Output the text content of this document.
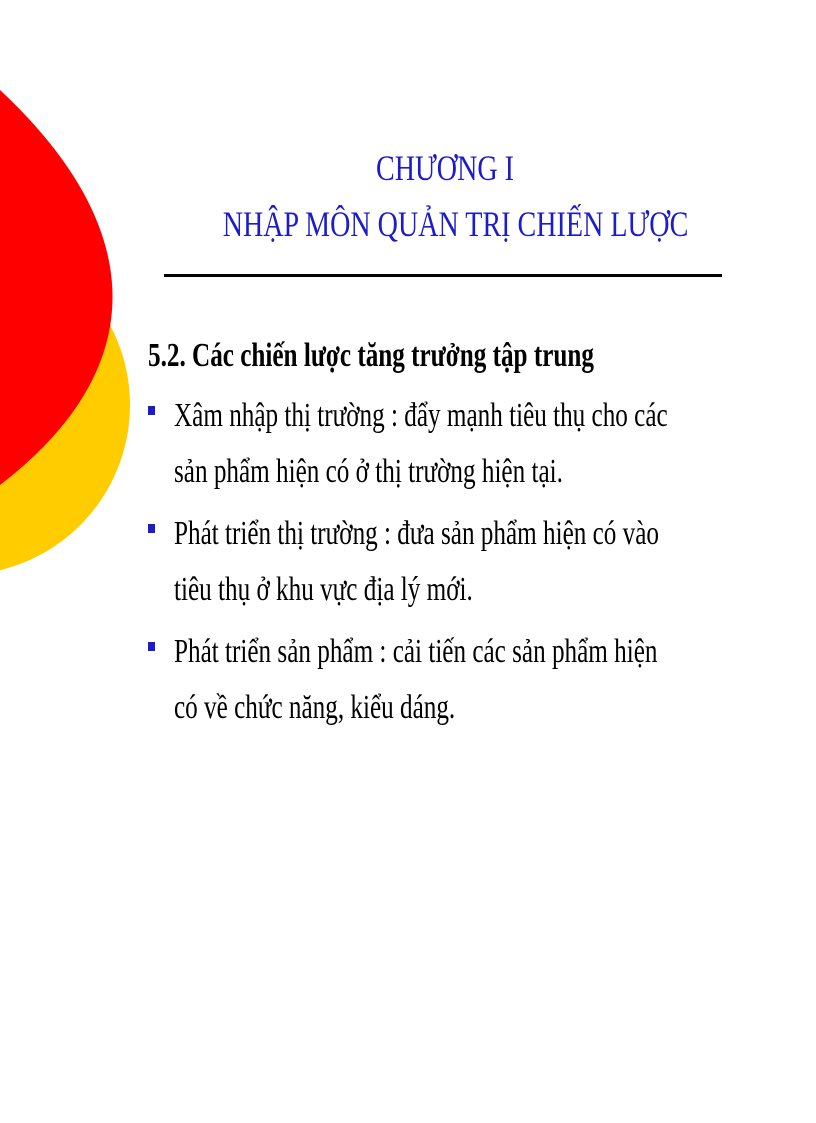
CHƯƠNG I
NHẬP MÔN QUẢN TRỊ CHIẾN LƯỢC
5.2. Các chiến lược tăng trưởng tập trung
Xâm nhập thị trường : đẩy mạnh tiêu thụ cho các
sản phẩm hiện có ở thị trường hiện tại.
Phát triển thị trường : đưa sản phẩm hiện có vào
tiêu thụ ở khu vực địa lý mới.
Phát triển sản phẩm : cải tiến các sản phẩm hiện
có về chức năng, kiểu dáng.
